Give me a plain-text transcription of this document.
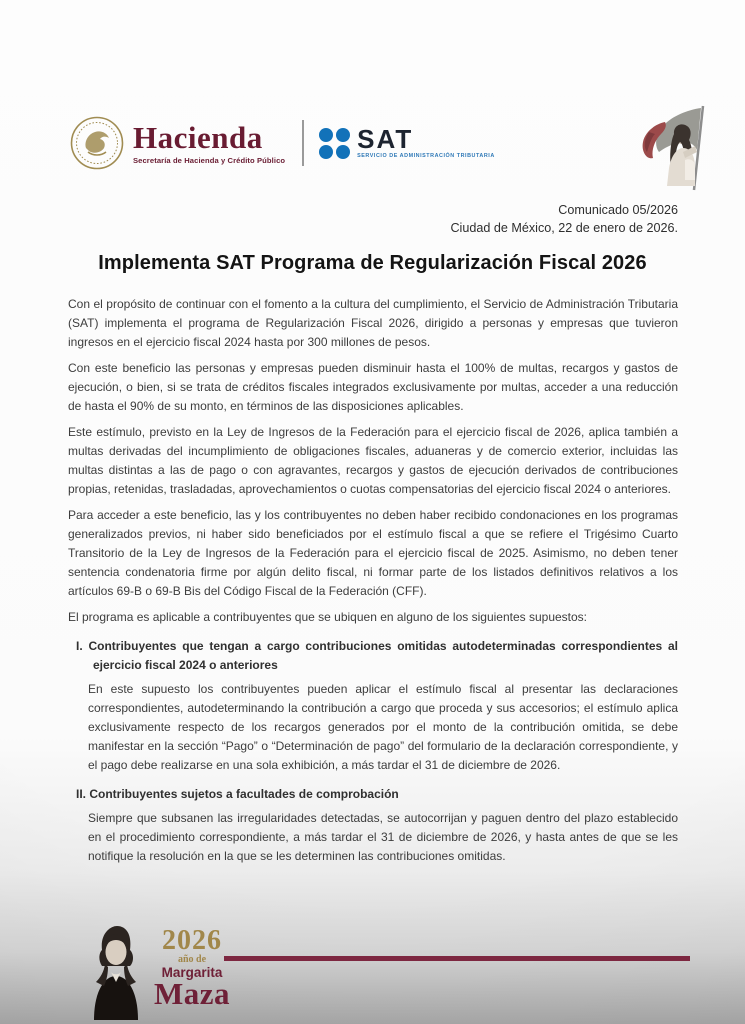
Hacienda
Secretaría de Hacienda y Crédito Público
SAT
SERVICIO DE ADMINISTRACIÓN TRIBUTARIA
Comunicado 05/2026
Ciudad de México, 22 de enero de 2026.
Implementa SAT Programa de Regularización Fiscal 2026

Con el propósito de continuar con el fomento a la cultura del cumplimiento, el Servicio de Administración Tributaria (SAT) implementa el programa de Regularización Fiscal 2026, dirigido a personas y empresas que tuvieron ingresos en el ejercicio fiscal 2024 hasta por 300 millones de pesos.

Con este beneficio las personas y empresas pueden disminuir hasta el 100% de multas, recargos y gastos de ejecución, o bien, si se trata de créditos fiscales integrados exclusivamente por multas, acceder a una reducción de hasta el 90% de su monto, en términos de las disposiciones aplicables.

Este estímulo, previsto en la Ley de Ingresos de la Federación para el ejercicio fiscal de 2026, aplica también a multas derivadas del incumplimiento de obligaciones fiscales, aduaneras y de comercio exterior, incluidas las multas distintas a las de pago o con agravantes, recargos y gastos de ejecución derivados de contribuciones propias, retenidas, trasladadas, aprovechamientos o cuotas compensatorias del ejercicio fiscal 2024 o anteriores.

Para acceder a este beneficio, las y los contribuyentes no deben haber recibido condonaciones en los programas generalizados previos, ni haber sido beneficiados por el estímulo fiscal a que se refiere el Trigésimo Cuarto Transitorio de la Ley de Ingresos de la Federación para el ejercicio fiscal de 2025. Asimismo, no deben tener sentencia condenatoria firme por algún delito fiscal, ni formar parte de los listados definitivos relativos a los artículos 69-B o 69-B Bis del Código Fiscal de la Federación (CFF).

El programa es aplicable a contribuyentes que se ubiquen en alguno de los siguientes supuestos:

I. Contribuyentes que tengan a cargo contribuciones omitidas autodeterminadas correspondientes al ejercicio fiscal 2024 o anteriores
En este supuesto los contribuyentes pueden aplicar el estímulo fiscal al presentar las declaraciones correspondientes, autodeterminando la contribución a cargo que proceda y sus accesorios; el estímulo aplica exclusivamente respecto de los recargos generados por el monto de la contribución omitida, se debe manifestar en la sección “Pago” o “Determinación de pago” del formulario de la declaración correspondiente, y el pago debe realizarse en una sola exhibición, a más tardar el 31 de diciembre de 2026.
II. Contribuyentes sujetos a facultades de comprobación
Siempre que subsanen las irregularidades detectadas, se autocorrijan y paguen dentro del plazo establecido en el procedimiento correspondiente, a más tardar el 31 de diciembre de 2026, y hasta antes de que se les notifique la resolución en la que se les determinen las contribuciones omitidas.
2026
año de
Margarita
Maza
